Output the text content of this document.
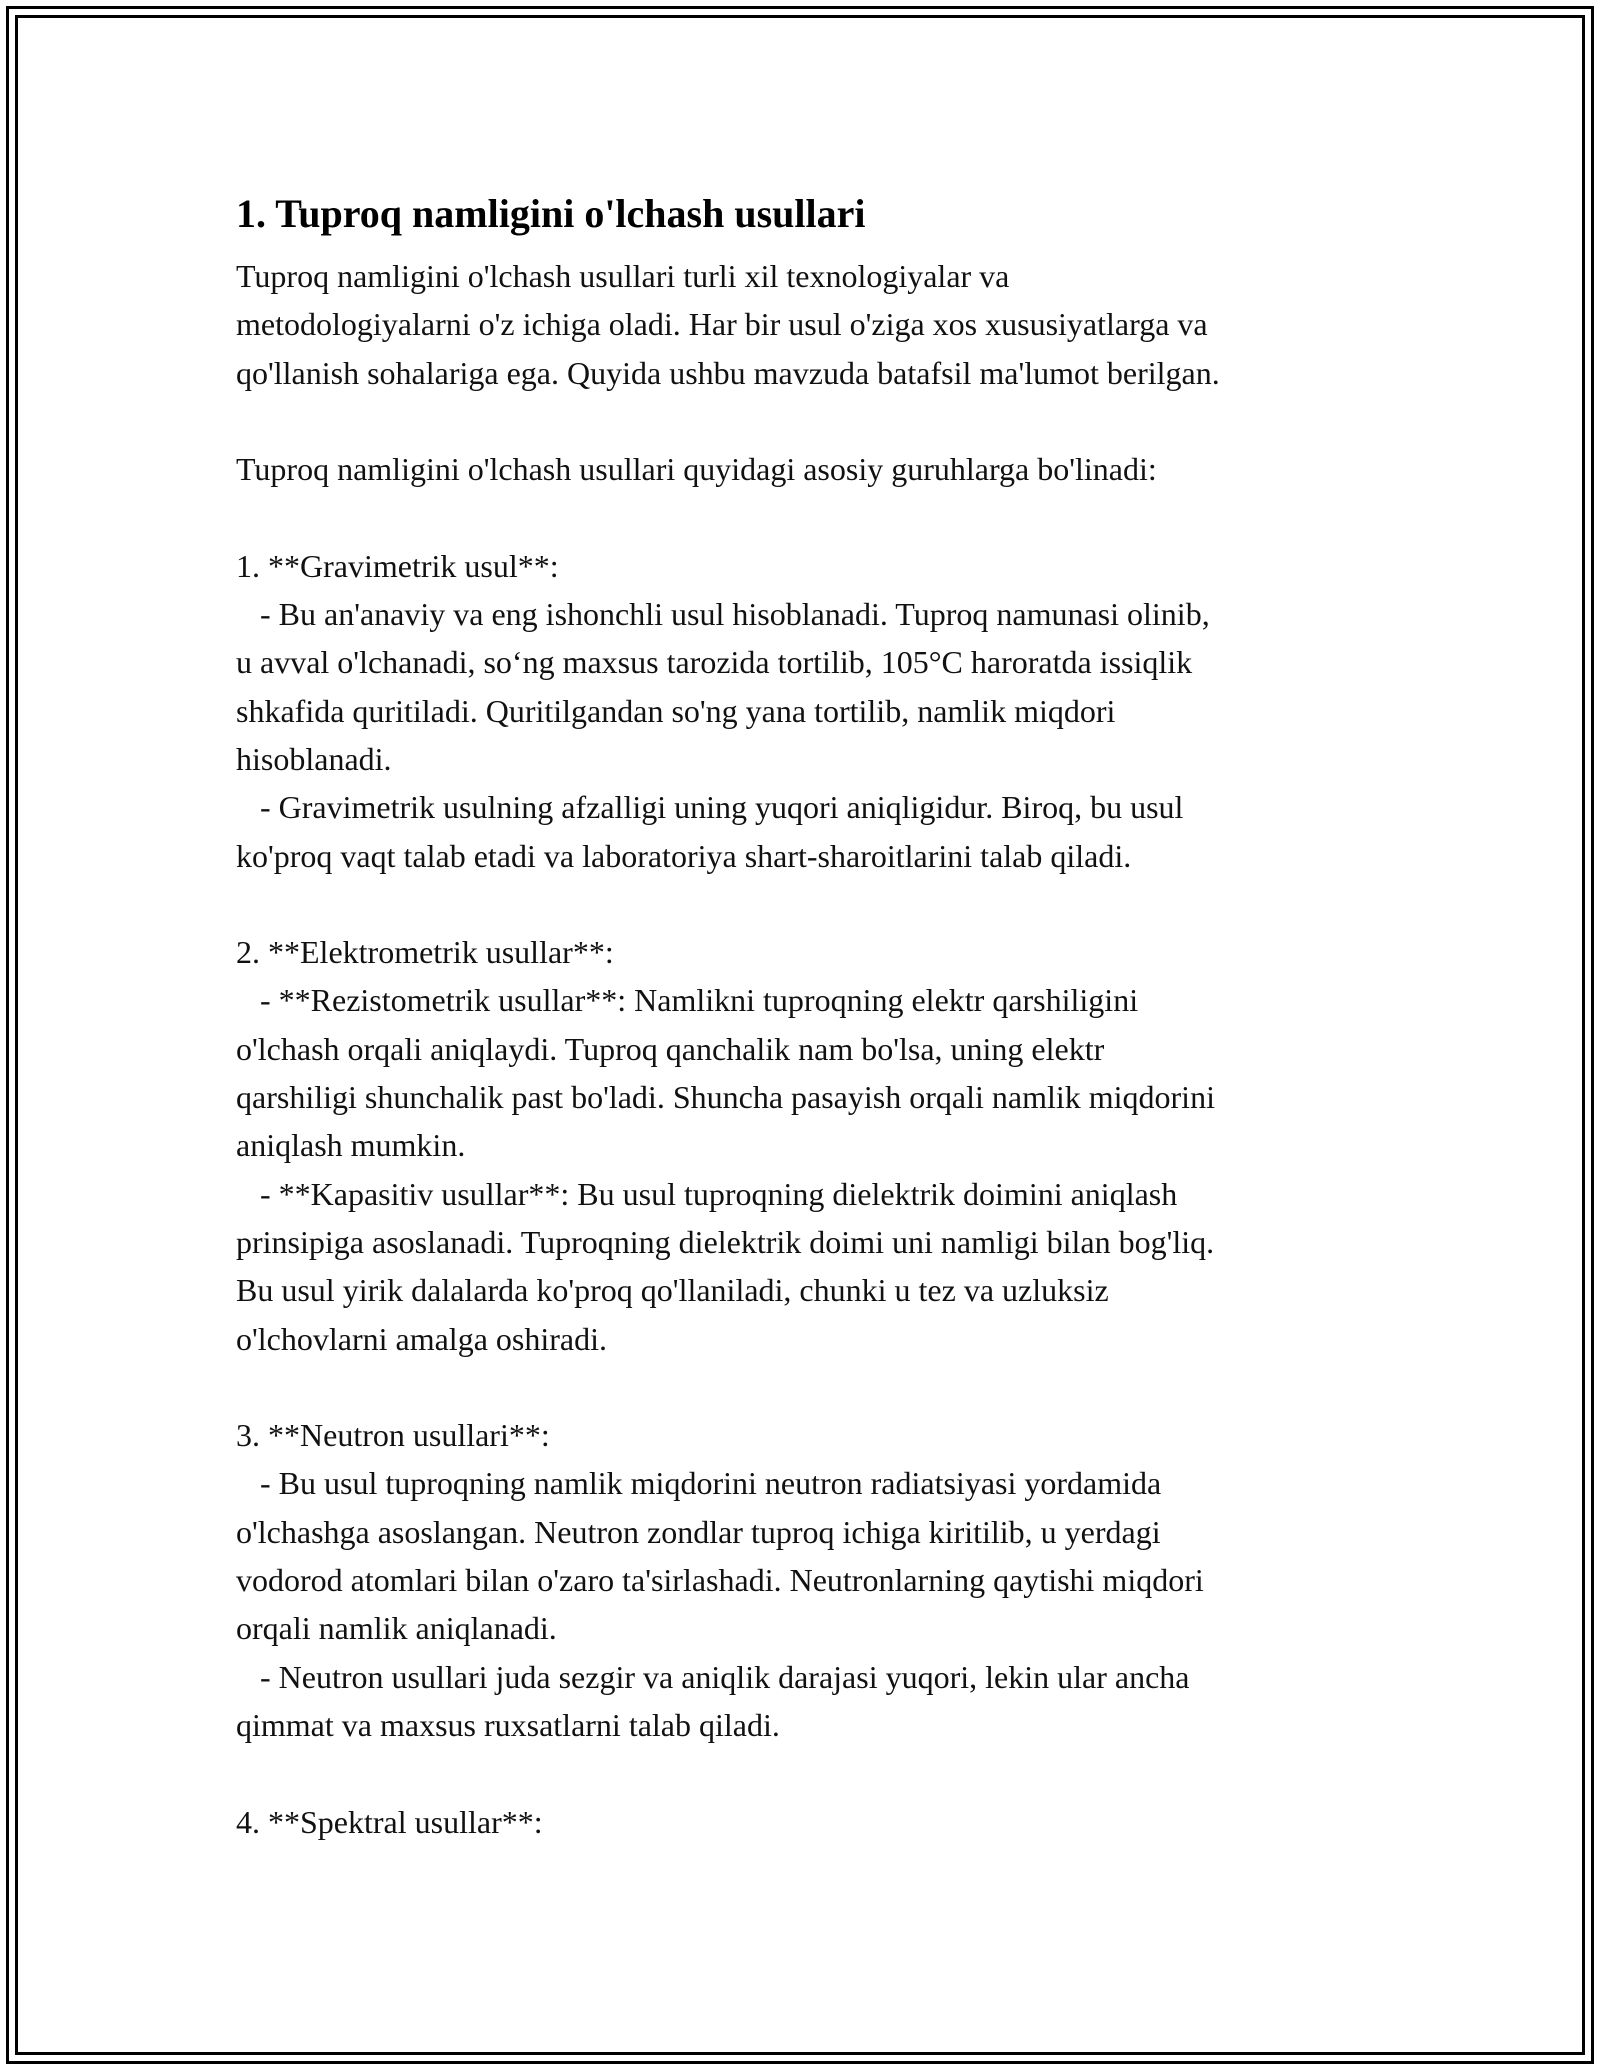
1. Tuproq namligini o'lchash usullari
Tuproq namligini o'lchash usullari turli xil texnologiyalar va
metodologiyalarni o'z ichiga oladi. Har bir usul o'ziga xos xususiyatlarga va
qo'llanish sohalariga ega. Quyida ushbu mavzuda batafsil ma'lumot berilgan.
Tuproq namligini o'lchash usullari quyidagi asosiy guruhlarga bo'linadi:
1. **Gravimetrik usul**:
- Bu an'anaviy va eng ishonchli usul hisoblanadi. Tuproq namunasi olinib,
u avval o'lchanadi, so‘ng maxsus tarozida tortilib, 105°C haroratda issiqlik
shkafida quritiladi. Quritilgandan so'ng yana tortilib, namlik miqdori
hisoblanadi.
- Gravimetrik usulning afzalligi uning yuqori aniqligidur. Biroq, bu usul
ko'proq vaqt talab etadi va laboratoriya shart-sharoitlarini talab qiladi.
2. **Elektrometrik usullar**:
- **Rezistometrik usullar**: Namlikni tuproqning elektr qarshiligini
o'lchash orqali aniqlaydi. Tuproq qanchalik nam bo'lsa, uning elektr
qarshiligi shunchalik past bo'ladi. Shuncha pasayish orqali namlik miqdorini
aniqlash mumkin.
- **Kapasitiv usullar**: Bu usul tuproqning dielektrik doimini aniqlash
prinsipiga asoslanadi. Tuproqning dielektrik doimi uni namligi bilan bog'liq.
Bu usul yirik dalalarda ko'proq qo'llaniladi, chunki u tez va uzluksiz
o'lchovlarni amalga oshiradi.
3. **Neutron usullari**:
- Bu usul tuproqning namlik miqdorini neutron radiatsiyasi yordamida
o'lchashga asoslangan. Neutron zondlar tuproq ichiga kiritilib, u yerdagi
vodorod atomlari bilan o'zaro ta'sirlashadi. Neutronlarning qaytishi miqdori
orqali namlik aniqlanadi.
- Neutron usullari juda sezgir va aniqlik darajasi yuqori, lekin ular ancha
qimmat va maxsus ruxsatlarni talab qiladi.
4. **Spektral usullar**:
